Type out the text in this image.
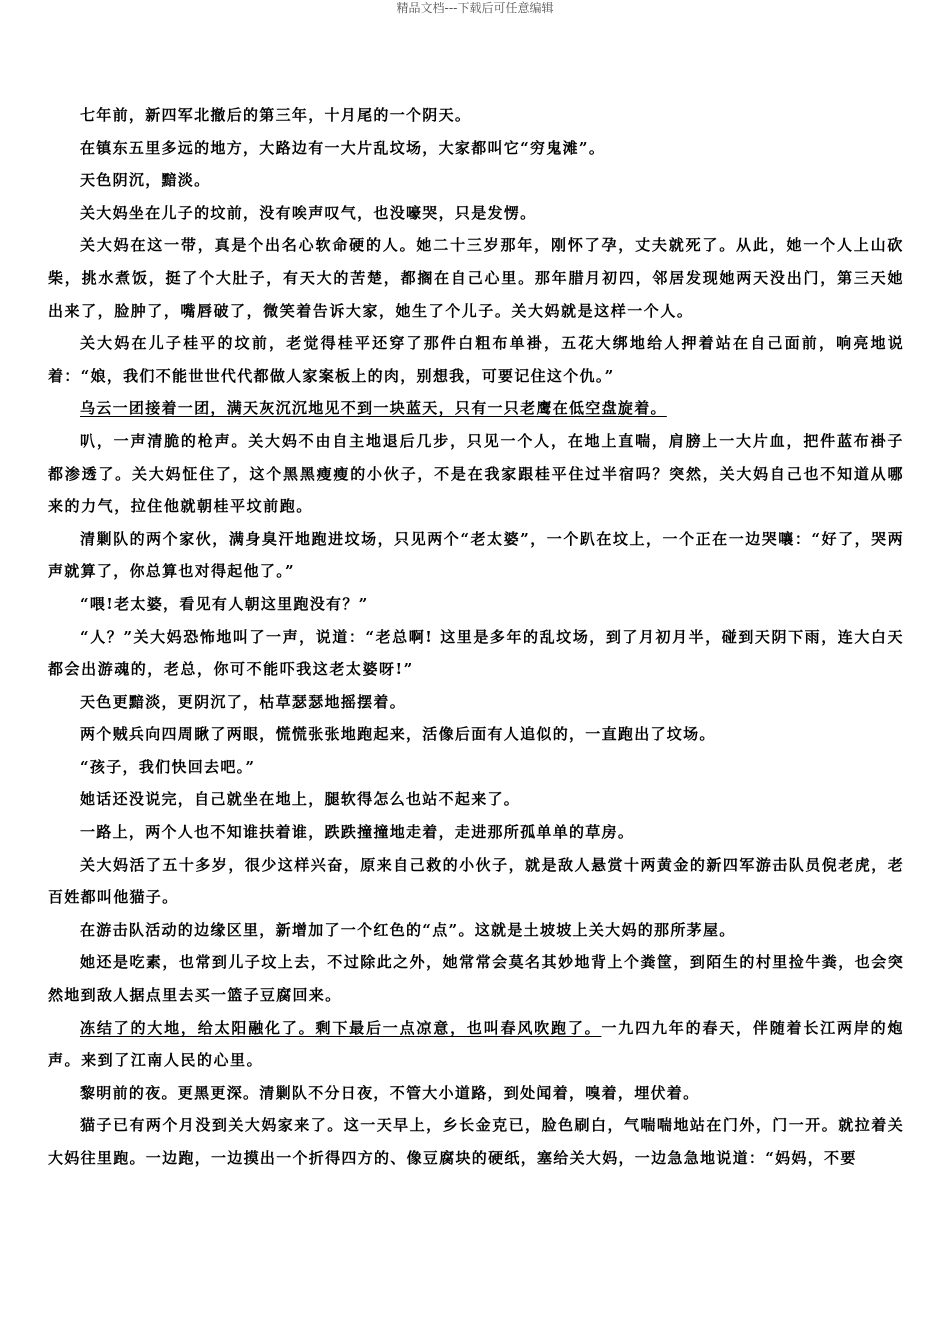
精品文档---下载后可任意编辑

七年前，新四军北撤后的第三年，十月尾的一个阴天。

在镇东五里多远的地方，大路边有一大片乱坟场，大家都叫它“穷鬼滩”。

天色阴沉，黯淡。

关大妈坐在儿子的坟前，没有唉声叹气，也没嚎哭，只是发愣。

关大妈在这一带，真是个出名心软命硬的人。她二十三岁那年，刚怀了孕，丈夫就死了。从此，她一个人上山砍柴，挑水煮饭，挺了个大肚子，有天大的苦楚，都搁在自己心里。那年腊月初四，邻居发现她两天没出门，第三天她出来了，脸肿了，嘴唇破了，微笑着告诉大家，她生了个儿子。关大妈就是这样一个人。

关大妈在儿子桂平的坟前，老觉得桂平还穿了那件白粗布单褂，五花大绑地给人押着站在自己面前，响亮地说着：“娘，我们不能世世代代都做人家案板上的肉，别想我，可要记住这个仇。”

乌云一团接着一团，满天灰沉沉地见不到一块蓝天，只有一只老鹰在低空盘旋着。

叭，一声清脆的枪声。关大妈不由自主地退后几步，只见一个人，在地上直喘，肩膀上一大片血，把件蓝布褂子都渗透了。关大妈怔住了，这个黑黑瘦瘦的小伙子，不是在我家跟桂平住过半宿吗？突然，关大妈自己也不知道从哪来的力气，拉住他就朝桂平坟前跑。

清剿队的两个家伙，满身臭汗地跑进坟场，只见两个“老太婆”，一个趴在坟上，一个正在一边哭嚷：“好了，哭两声就算了，你总算也对得起他了。”

“喂!老太婆，看见有人朝这里跑没有？”

“人？”关大妈恐怖地叫了一声，说道：“老总啊! 这里是多年的乱坟场，到了月初月半，碰到天阴下雨，连大白天都会出游魂的，老总，你可不能吓我这老太婆呀!”

天色更黯淡，更阴沉了，枯草瑟瑟地摇摆着。

两个贼兵向四周瞅了两眼，慌慌张张地跑起来，活像后面有人追似的，一直跑出了坟场。

“孩子，我们快回去吧。”

她话还没说完，自己就坐在地上，腿软得怎么也站不起来了。

一路上，两个人也不知谁扶着谁，跌跌撞撞地走着，走进那所孤单单的草房。

关大妈活了五十多岁，很少这样兴奋，原来自己救的小伙子，就是敌人悬赏十两黄金的新四军游击队员倪老虎，老百姓都叫他猫子。

在游击队活动的边缘区里，新增加了一个红色的“点”。这就是土坡坡上关大妈的那所茅屋。

她还是吃素，也常到儿子坟上去，不过除此之外，她常常会莫名其妙地背上个粪筐，到陌生的村里捡牛粪，也会突然地到敌人据点里去买一篮子豆腐回来。

冻结了的大地，给太阳融化了。剩下最后一点凉意，也叫春风吹跑了。一九四九年的春天，伴随着长江两岸的炮声。来到了江南人民的心里。

黎明前的夜。更黑更深。清剿队不分日夜，不管大小道路，到处闻着，嗅着，埋伏着。

猫子已有两个月没到关大妈家来了。这一天早上，乡长金克已，脸色刷白，气喘喘地站在门外，门一开。就拉着关大妈往里跑。一边跑，一边摸出一个折得四方的、像豆腐块的硬纸，塞给关大妈，一边急急地说道：“妈妈，不要
